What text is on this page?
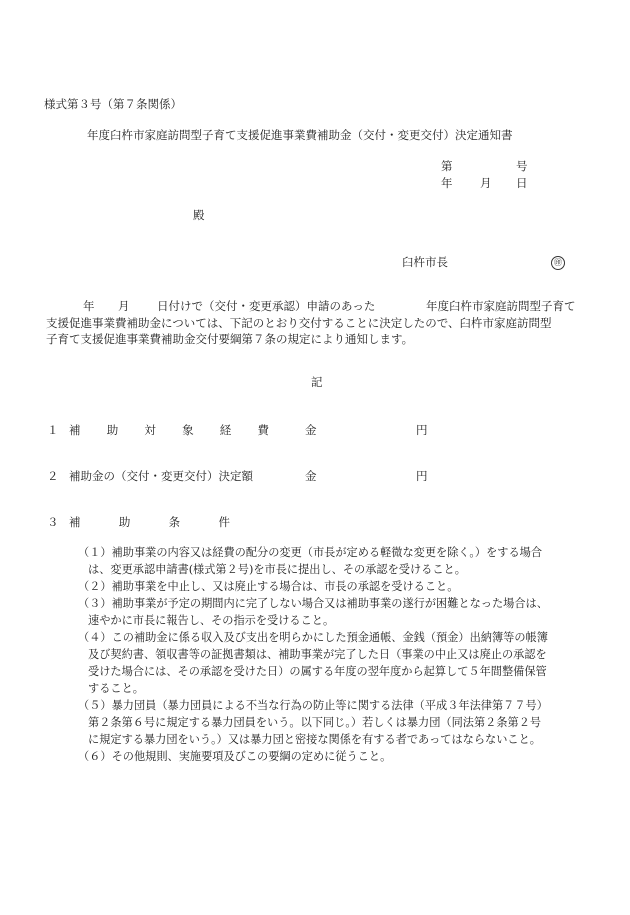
様式第３号（第７条関係）
年度臼杵市家庭訪問型子育て支援促進事業費補助金（交付・変更交付）決定通知書
第	号
年 月 日
殿
臼杵市長	㊞
年 月 日付けで（交付・変更承認）申請のあった	年度臼杵市家庭訪問型子育て
支援促進事業費補助金については、下記のとおり交付することに決定したので、臼杵市家庭訪問型
子育て支援促進事業費補助金交付要綱第７条の規定により通知します。
記
１ 補 助 対 象 経 費	金	円
２ 補助金の（交付・変更交付）決定額	金	円
３ 補	助	条	件
（１）補助事業の内容又は経費の配分の変更（市長が定める軽微な変更を除く。）をする場合
は、変更承認申請書(様式第２号)を市長に提出し、その承認を受けること。
（２）補助事業を中止し、又は廃止する場合は、市長の承認を受けること。
（３）補助事業が予定の期間内に完了しない場合又は補助事業の遂行が困難となった場合は、
速やかに市長に報告し、その指示を受けること。
（４）この補助金に係る収入及び支出を明らかにした預金通帳、金銭（預金）出納簿等の帳簿
及び契約書、領収書等の証拠書類は、補助事業が完了した日（事業の中止又は廃止の承認を
受けた場合には、その承認を受けた日）の属する年度の翌年度から起算して５年間整備保管
すること。
（５）暴力団員（暴力団員による不当な行為の防止等に関する法律（平成３年法律第７７号）
第２条第６号に規定する暴力団員をいう。以下同じ。）若しくは暴力団（同法第２条第２号
に規定する暴力団をいう。）又は暴力団と密接な関係を有する者であってはならないこと。
（６）その他規則、実施要項及びこの要綱の定めに従うこと。
